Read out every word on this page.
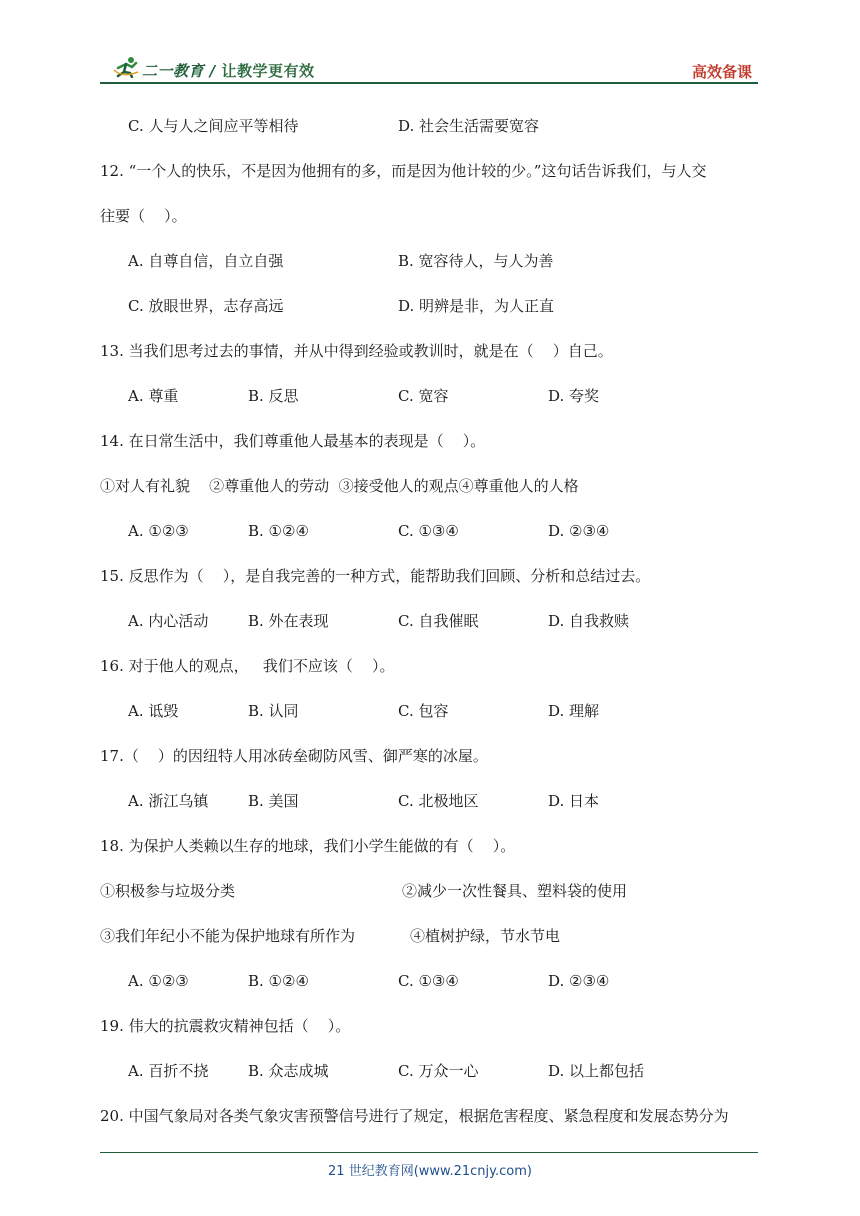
二一教育 / 让教学更有效	高效备课
C. 人与人之间应平等相待	D. 社会生活需要宽容
12. “一个人的快乐，不是因为他拥有的多，而是因为他计较的少。”这句话告诉我们，与人交
往要（    ）。
A. 自尊自信，自立自强	B. 宽容待人，与人为善
C. 放眼世界，志存高远	D. 明辨是非，为人正直
13. 当我们思考过去的事情，并从中得到经验或教训时，就是在（    ）自己。
A. 尊重	B. 反思	C. 宽容	D. 夸奖
14. 在日常生活中，我们尊重他人最基本的表现是（    ）。
①对人有礼貌    ②尊重他人的劳动  ③接受他人的观点④尊重他人的人格
A. ①②③	B. ①②④	C. ①③④	D. ②③④
15. 反思作为（    ），是自我完善的一种方式，能帮助我们回顾、分析和总结过去。
A. 内心活动	B. 外在表现	C. 自我催眠	D. 自我救赎
16. 对于他人的观点，   我们不应该（    ）。
A. 诋毁	B. 认同	C. 包容	D. 理解
17.（    ）的因纽特人用冰砖垒砌防风雪、御严寒的冰屋。
A. 浙江乌镇	B. 美国	C. 北极地区	D. 日本
18. 为保护人类赖以生存的地球，我们小学生能做的有（    ）。
①积极参与垃圾分类	②减少一次性餐具、塑料袋的使用
③我们年纪小不能为保护地球有所作为	④植树护绿，节水节电
A. ①②③	B. ①②④	C. ①③④	D. ②③④
19. 伟大的抗震救灾精神包括（    ）。
A. 百折不挠	B. 众志成城	C. 万众一心	D. 以上都包括
20. 中国气象局对各类气象灾害预警信号进行了规定，根据危害程度、紧急程度和发展态势分为
21 世纪教育网(www.21cnjy.com)
